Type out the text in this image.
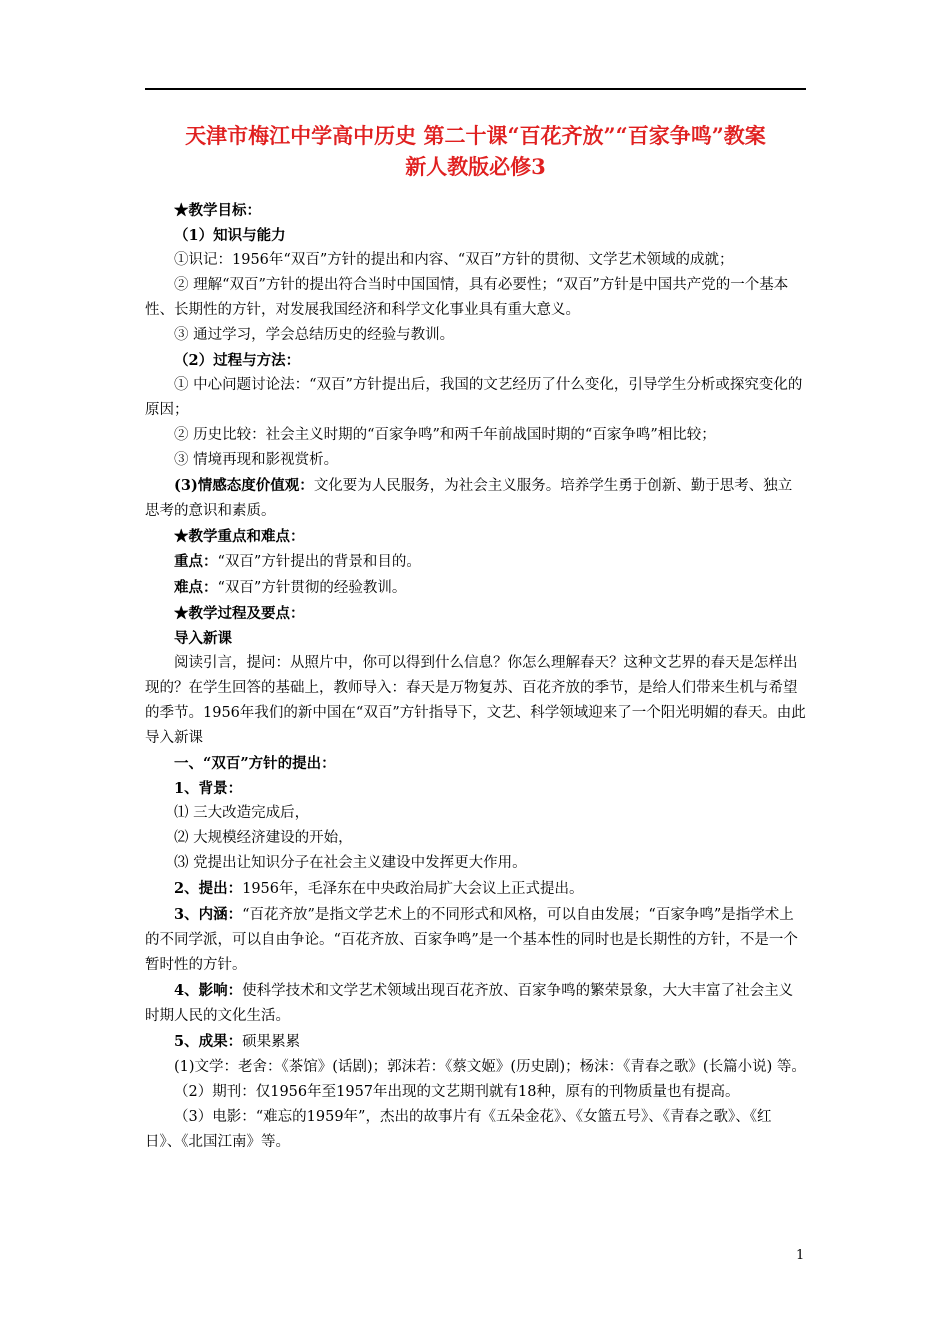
天津市梅江中学高中历史 第二十课“百花齐放”“百家争鸣”教案
新人教版必修3

★教学目标：

（1）知识与能力

①识记：1956年“双百”方针的提出和内容、“双百”方针的贯彻、文学艺术领域的成就；

② 理解“双百”方针的提出符合当时中国国情，具有必要性；“双百”方针是中国共产党的一个基本性、长期性的方针，对发展我国经济和科学文化事业具有重大意义。

③ 通过学习，学会总结历史的经验与教训。

（2）过程与方法：

① 中心问题讨论法：“双百”方针提出后，我国的文艺经历了什么变化，引导学生分析或探究变化的原因；

② 历史比较：社会主义时期的“百家争鸣”和两千年前战国时期的“百家争鸣”相比较；

③ 情境再现和影视赏析。

(3)情感态度价值观：文化要为人民服务，为社会主义服务。培养学生勇于创新、勤于思考、独立思考的意识和素质。

★教学重点和难点：

重点：“双百”方针提出的背景和目的。

难点：“双百”方针贯彻的经验教训。

★教学过程及要点：

导入新课

阅读引言，提问：从照片中，你可以得到什么信息？你怎么理解春天？这种文艺界的春天是怎样出现的？在学生回答的基础上，教师导入：春天是万物复苏、百花齐放的季节，是给人们带来生机与希望的季节。1956年我们的新中国在“双百”方针指导下，文艺、科学领域迎来了一个阳光明媚的春天。由此导入新课

一、“双百”方针的提出：

1、背景：

⑴ 三大改造完成后，

⑵ 大规模经济建设的开始，

⑶ 党提出让知识分子在社会主义建设中发挥更大作用。

2、提出：1956年，毛泽东在中央政治局扩大会议上正式提出。

3、内涵：“百花齐放”是指文学艺术上的不同形式和风格，可以自由发展；“百家争鸣”是指学术上的不同学派，可以自由争论。“百花齐放、百家争鸣”是一个基本性的同时也是长期性的方针，不是一个暂时性的方针。

4、影响：使科学技术和文学艺术领域出现百花齐放、百家争鸣的繁荣景象，大大丰富了社会主义时期人民的文化生活。

5、成果：硕果累累

(1)文学：老舍：《茶馆》(话剧)；郭沫若：《蔡文姬》(历史剧)；杨沫：《青春之歌》(长篇小说) 等。

（2）期刊：仅1956年至1957年出现的文艺期刊就有18种，原有的刊物质量也有提高。

（3）电影：“难忘的1959年”，杰出的故事片有《五朵金花》、《女篮五号》、《青春之歌》、《红日》、《北国江南》等。

1
